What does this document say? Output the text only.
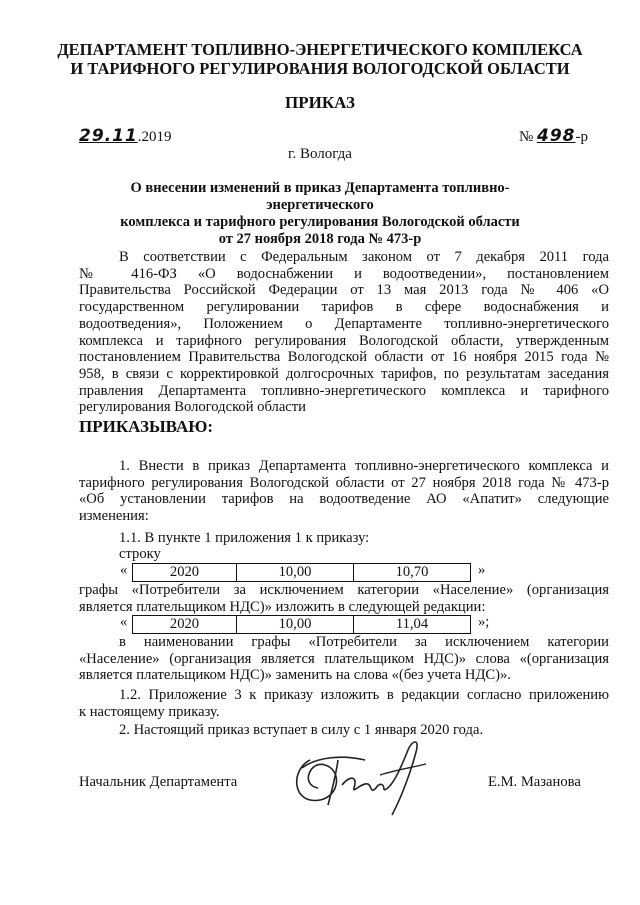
ДЕПАРТАМЕНТ ТОПЛИВНО-ЭНЕРГЕТИЧЕСКОГО КОМПЛЕКСА
И ТАРИФНОГО РЕГУЛИРОВАНИЯ ВОЛОГОДСКОЙ ОБЛАСТИ
ПРИКАЗ
29.11.2019	№ 498-р
г. Вологда
О внесении изменений в приказ Департамента топливно-энергетического
комплекса и тарифного регулирования Вологодской области
от 27 ноября 2018 года № 473-р
В соответствии с Федеральным законом от 7 декабря 2011 года
№ 416-ФЗ «О водоснабжении и водоотведении», постановлением
Правительства Российской Федерации от 13 мая 2013 года № 406 «О
государственном регулировании тарифов в сфере водоснабжения и
водоотведения», Положением о Департаменте топливно-энергетического
комплекса и тарифного регулирования Вологодской области, утвержденным
постановлением Правительства Вологодской области от 16 ноября 2015 года №
958, в связи с корректировкой долгосрочных тарифов, по результатам заседания
правления Департамента топливно-энергетического комплекса и тарифного
регулирования Вологодской области
ПРИКАЗЫВАЮ:
1. Внести в приказ Департамента топливно-энергетического комплекса и
тарифного регулирования Вологодской области от 27 ноября 2018 года № 473-р
«Об установлении тарифов на водоотведение АО «Апатит» следующие
изменения:
1.1. В пункте 1 приложения 1 к приказу:
строку
«	2020	10,00	10,70	»
графы «Потребители за исключением категории «Население» (организация
является плательщиком НДС)» изложить в следующей редакции:
«	2020	10,00	11,04	»;
в наименовании графы «Потребители за исключением категории
«Население» (организация является плательщиком НДС)» слова «(организация
является плательщиком НДС)» заменить на слова «(без учета НДС)».
1.2. Приложение 3 к приказу изложить в редакции согласно приложению
к настоящему приказу.
2. Настоящий приказ вступает в силу с 1 января 2020 года.
Начальник Департамента	Е.М. Мазанова
